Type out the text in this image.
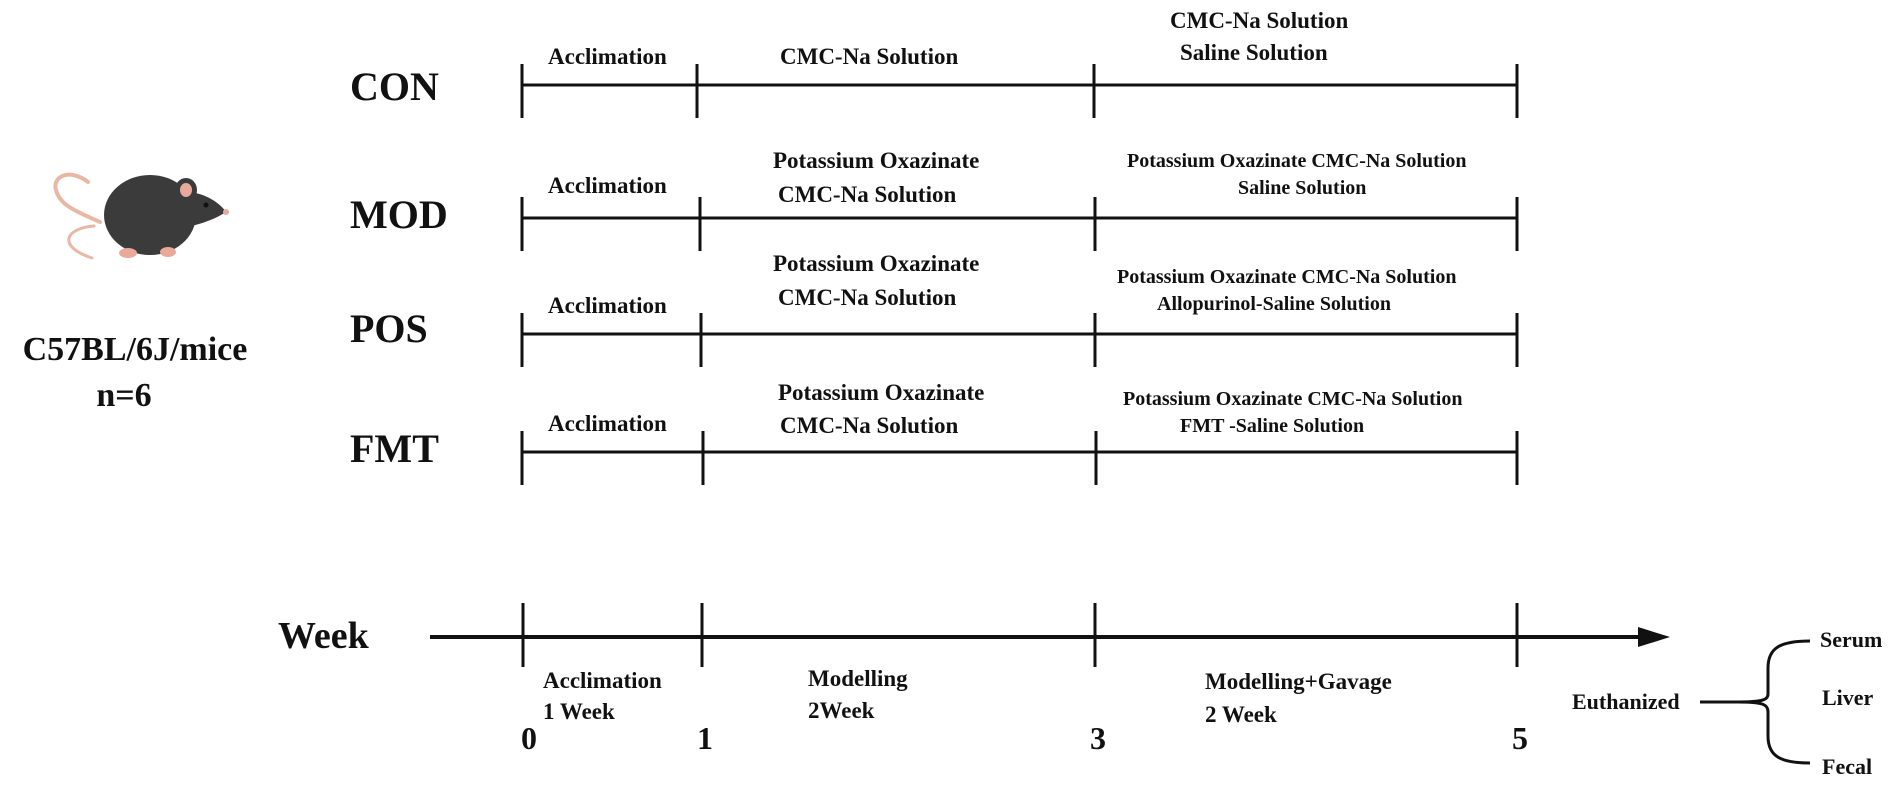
C57BL/6J/mice
n=6
CON
MOD
POS
FMT
Acclimation	CMC-Na Solution
CMC-Na Solution
Saline Solution
Acclimation
Potassium Oxazinate
CMC-Na Solution
Potassium Oxazinate CMC-Na Solution
Saline Solution
Acclimation
Potassium Oxazinate
CMC-Na Solution
Potassium Oxazinate CMC-Na Solution
Allopurinol-Saline Solution
Acclimation
Potassium Oxazinate
CMC-Na Solution
Potassium Oxazinate CMC-Na Solution
FMT -Saline Solution
Week
0	1	3	5
Acclimation
1 Week
Modelling
2Week
Modelling+Gavage
2 Week
Euthanized
Serum
Liver
Fecal
